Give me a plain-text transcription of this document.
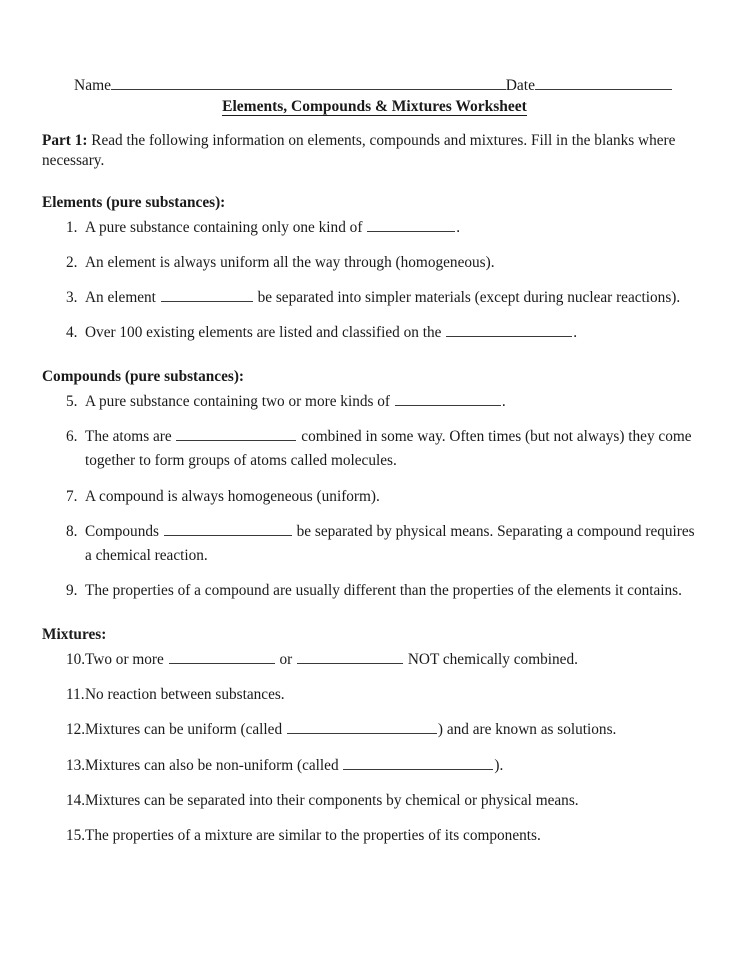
Name	Date
Elements, Compounds & Mixtures Worksheet

Part 1: Read the following information on elements, compounds and mixtures. Fill in the blanks where necessary.

Elements (pure substances):
1. A pure substance containing only one kind of	.
2. An element is always uniform all the way through (homogeneous).
3. An element	be separated into simpler materials (except during nuclear reactions).
4. Over 100 existing elements are listed and classified on the	.
Compounds (pure substances):
5. A pure substance containing two or more kinds of	.
6. The atoms are	combined in some way. Often times (but not always) they come together to form groups of atoms called molecules.
7. A compound is always homogeneous (uniform).
8. Compounds	be separated by physical means. Separating a compound requires a chemical reaction.
9. The properties of a compound are usually different than the properties of the elements it contains.
Mixtures:
10. Two or more	or	NOT chemically combined.
11. No reaction between substances.
12. Mixtures can be uniform (called	) and are known as solutions.
13. Mixtures can also be non-uniform (called	).
14. Mixtures can be separated into their components by chemical or physical means.
15. The properties of a mixture are similar to the properties of its components.
